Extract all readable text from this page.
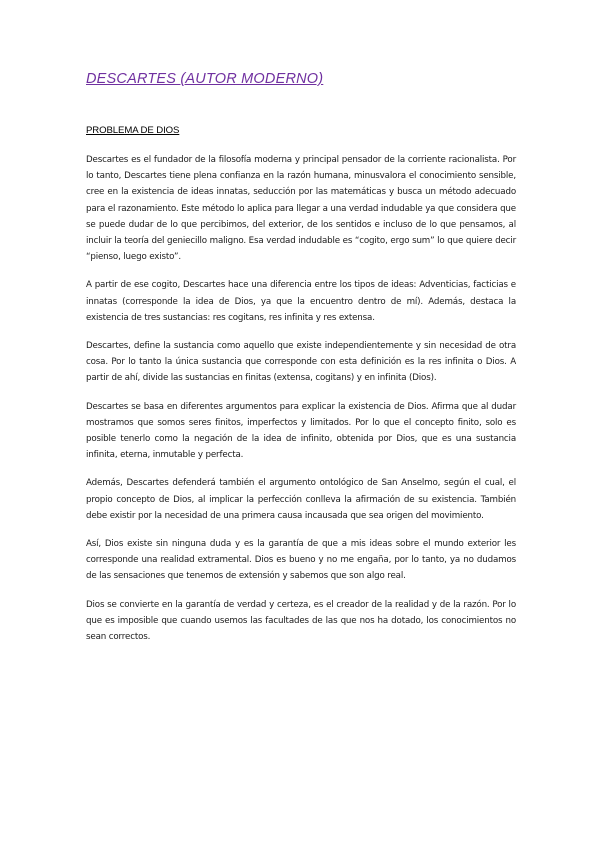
DESCARTES (AUTOR MODERNO)
PROBLEMA DE DIOS

Descartes es el fundador de la filosofía moderna y principal pensador de la corriente racionalista. Por lo tanto, Descartes tiene plena confianza en la razón humana, minusvalora el conocimiento sensible, cree en la existencia de ideas innatas, seducción por las matemáticas y busca un método adecuado para el razonamiento. Este método lo aplica para llegar a una verdad indudable ya que considera que se puede dudar de lo que percibimos, del exterior, de los sentidos e incluso de lo que pensamos, al incluir la teoría del geniecillo maligno. Esa verdad indudable es “cogito, ergo sum” lo que quiere decir “pienso, luego existo”.

A partir de ese cogito, Descartes hace una diferencia entre los tipos de ideas: Adventicias, facticias e innatas (corresponde la idea de Dios, ya que la encuentro dentro de mí). Además, destaca la existencia de tres sustancias: res cogitans, res infinita y res extensa.

Descartes, define la sustancia como aquello que existe independientemente y sin necesidad de otra cosa. Por lo tanto la única sustancia que corresponde con esta definición es la res infinita o Dios. A partir de ahí, divide las sustancias en finitas (extensa, cogitans) y en infinita (Dios).

Descartes se basa en diferentes argumentos para explicar la existencia de Dios. Afirma que al dudar mostramos que somos seres finitos, imperfectos y limitados. Por lo que el concepto finito, solo es posible tenerlo como la negación de la idea de infinito, obtenida por Dios, que es una sustancia infinita, eterna, inmutable y perfecta.

Además, Descartes defenderá también el argumento ontológico de San Anselmo, según el cual, el propio concepto de Dios, al implicar la perfección conlleva la afirmación de su existencia. También debe existir por la necesidad de una primera causa incausada que sea origen del movimiento.

Así, Dios existe sin ninguna duda y es la garantía de que a mis ideas sobre el mundo exterior les corresponde una realidad extramental. Dios es bueno y no me engaña, por lo tanto, ya no dudamos de las sensaciones que tenemos de extensión y sabemos que son algo real.

Dios se convierte en la garantía de verdad y certeza, es el creador de la realidad y de la razón. Por lo que es imposible que cuando usemos las facultades de las que nos ha dotado, los conocimientos no sean correctos.
